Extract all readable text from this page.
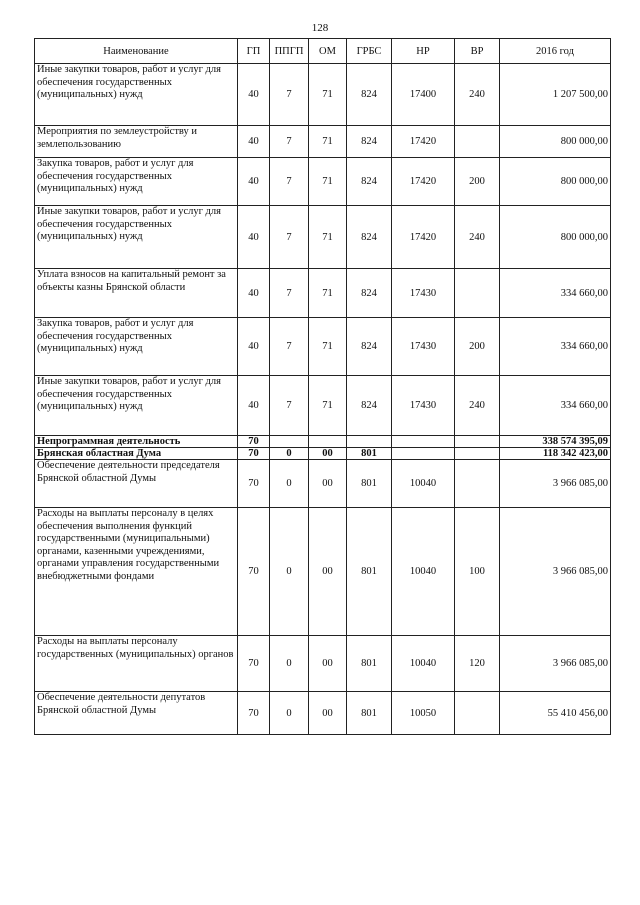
128
Наименование	ГП	ППГП	ОМ	ГРБС	НР	ВР	2016 год
Иные закупки товаров, работ и услуг для обеспечения государственных (муниципальных) нужд	40	7	71	824	17400	240	1 207 500,00
Мероприятия по землеустройству и землепользованию	40	7	71	824	17420		800 000,00
Закупка товаров, работ и услуг для обеспечения государственных (муниципальных) нужд	40	7	71	824	17420	200	800 000,00
Иные закупки товаров, работ и услуг для обеспечения государственных (муниципальных) нужд	40	7	71	824	17420	240	800 000,00
Уплата взносов на капитальный ремонт за объекты казны Брянской области	40	7	71	824	17430		334 660,00
Закупка товаров, работ и услуг для обеспечения государственных (муниципальных) нужд	40	7	71	824	17430	200	334 660,00
Иные закупки товаров, работ и услуг для обеспечения государственных (муниципальных) нужд	40	7	71	824	17430	240	334 660,00
Непрограммная деятельность	70						338 574 395,09
Брянская областная Дума	70	0	00	801			118 342 423,00
Обеспечение деятельности председателя Брянской областной Думы	70	0	00	801	10040		3 966 085,00
Расходы на выплаты персоналу в целях обеспечения выполнения функций государственными (муниципальными) органами, казенными учреждениями, органами управления государственными внебюджетными фондами	70	0	00	801	10040	100	3 966 085,00
Расходы на выплаты персоналу государственных (муниципальных) органов	70	0	00	801	10040	120	3 966 085,00
Обеспечение деятельности депутатов Брянской областной Думы	70	0	00	801	10050		55 410 456,00
